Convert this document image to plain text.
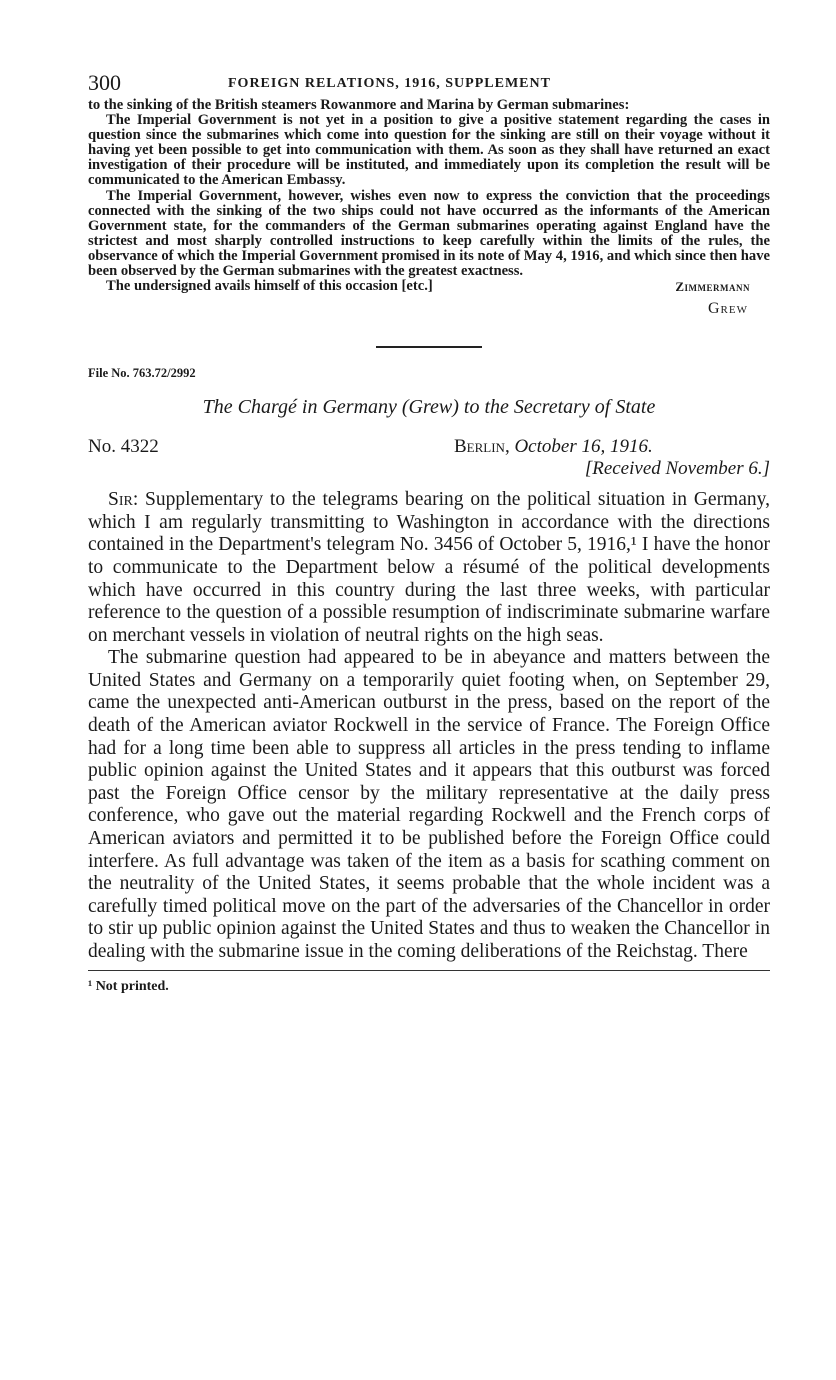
300	FOREIGN RELATIONS, 1916, SUPPLEMENT

to the sinking of the British steamers Rowanmore and Marina by German submarines:

The Imperial Government is not yet in a position to give a positive statement regarding the cases in question since the submarines which come into question for the sinking are still on their voyage without it having yet been possible to get into communication with them. As soon as they shall have returned an exact investigation of their procedure will be instituted, and immediately upon its completion the result will be communicated to the American Embassy.

The Imperial Government, however, wishes even now to express the conviction that the proceedings connected with the sinking of the two ships could not have occurred as the informants of the American Government state, for the commanders of the German submarines operating against England have the strictest and most sharply controlled instructions to keep carefully within the limits of the rules, the observance of which the Imperial Government promised in its note of May 4, 1916, and which since then have been observed by the German submarines with the greatest exactness.

The undersigned avails himself of this occasion [etc.]	Zimmermann
Grew
File No. 763.72/2992
The Chargé in Germany (Grew) to the Secretary of State
No. 4322	Berlin, October 16, 1916.
[Received November 6.]

Sir: Supplementary to the telegrams bearing on the political situation in Germany, which I am regularly transmitting to Washington in accordance with the directions contained in the Department's telegram No. 3456 of October 5, 1916,¹ I have the honor to communicate to the Department below a résumé of the political developments which have occurred in this country during the last three weeks, with particular reference to the question of a possible resumption of indiscriminate submarine warfare on merchant vessels in violation of neutral rights on the high seas.

The submarine question had appeared to be in abeyance and matters between the United States and Germany on a temporarily quiet footing when, on September 29, came the unexpected anti-American outburst in the press, based on the report of the death of the American aviator Rockwell in the service of France. The Foreign Office had for a long time been able to suppress all articles in the press tending to inflame public opinion against the United States and it appears that this outburst was forced past the Foreign Office censor by the military representative at the daily press conference, who gave out the material regarding Rockwell and the French corps of American aviators and permitted it to be published before the Foreign Office could interfere. As full advantage was taken of the item as a basis for scathing comment on the neutrality of the United States, it seems probable that the whole incident was a carefully timed political move on the part of the adversaries of the Chancellor in order to stir up public opinion against the United States and thus to weaken the Chancellor in dealing with the submarine issue in the coming deliberations of the Reichstag. There

¹ Not printed.
